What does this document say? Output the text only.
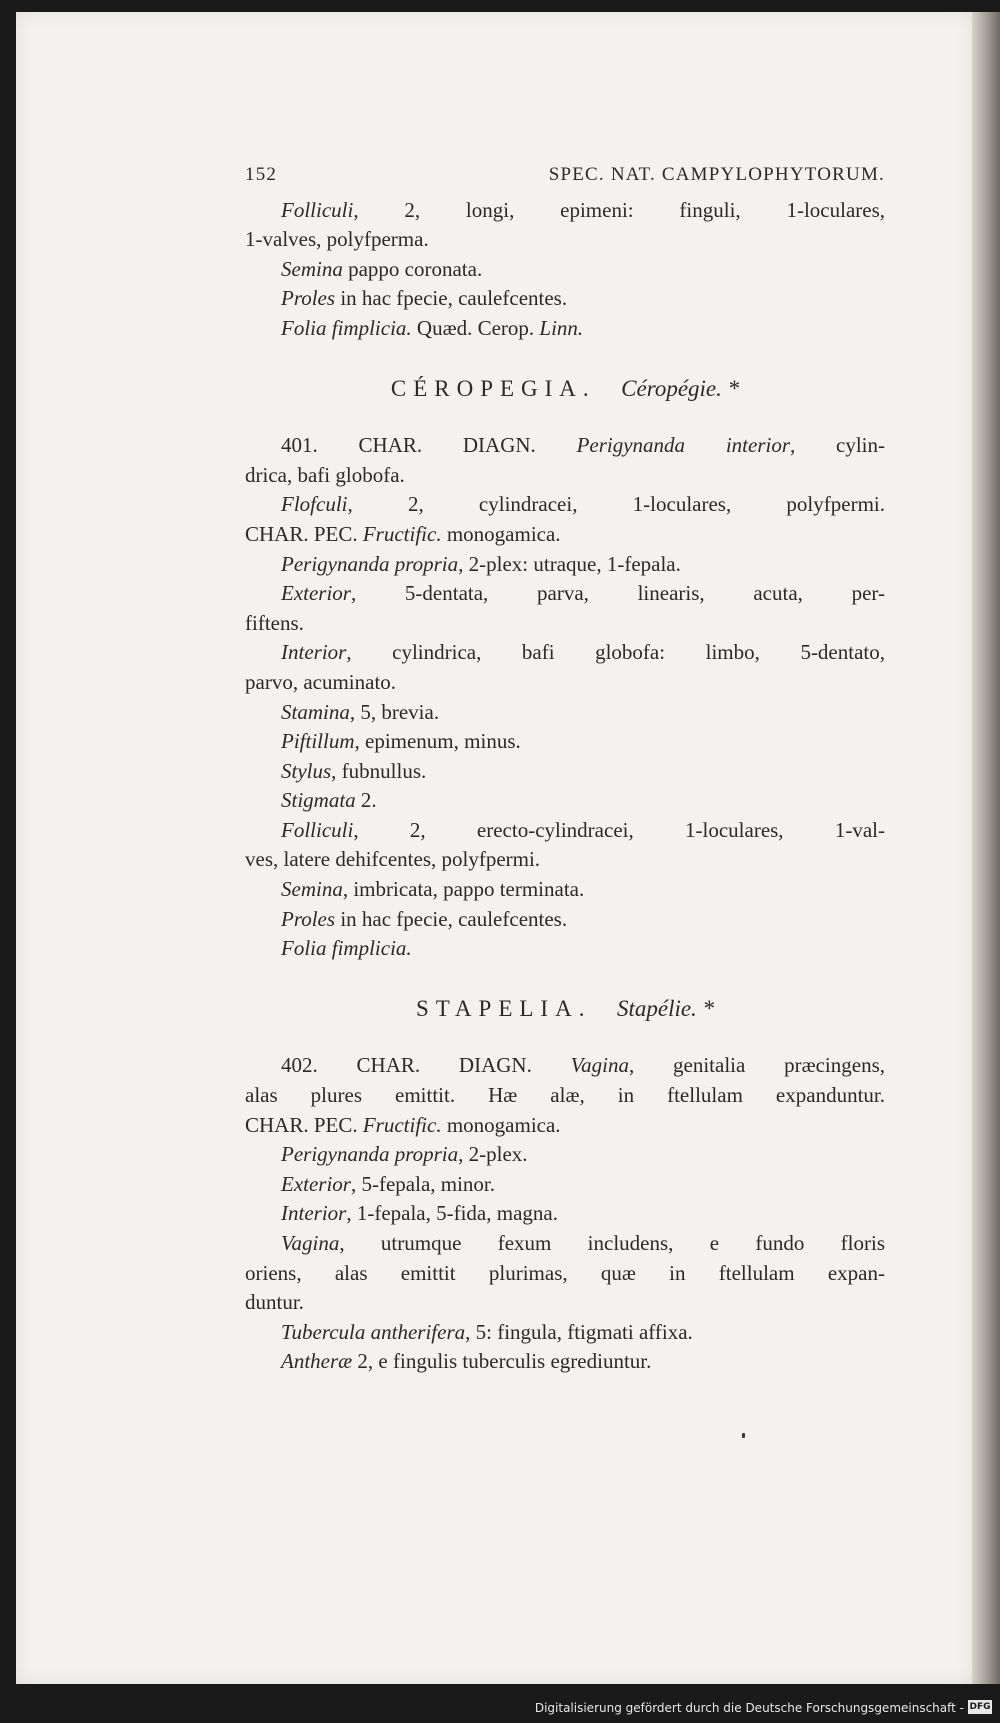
152	SPEC. NAT. CAMPYLOPHYTORUM.
Folliculi, 2, longi, epimeni: finguli, 1-loculares,
1-valves, polyfperma.
Semina pappo coronata.
Proles in hac fpecie, caulefcentes.
Folia fimplicia. Quæd. Cerop. Linn.
CÉROPEGIA. Céropégie. *
401. CHAR. DIAGN. Perigynanda interior, cylin-
drica, bafi globofa.
Flofculi, 2, cylindracei, 1-loculares, polyfpermi.
CHAR. PEC. Fructific. monogamica.
Perigynanda propria, 2-plex: utraque, 1-fepala.
Exterior, 5-dentata, parva, linearis, acuta, per-
fiftens.
Interior, cylindrica, bafi globofa: limbo, 5-dentato,
parvo, acuminato.
Stamina, 5, brevia.
Piftillum, epimenum, minus.
Stylus, fubnullus.
Stigmata 2.
Folliculi, 2, erecto-cylindracei, 1-loculares, 1-val-
ves, latere dehifcentes, polyfpermi.
Semina, imbricata, pappo terminata.
Proles in hac fpecie, caulefcentes.
Folia fimplicia.
STAPELIA. Stapélie. *
402. CHAR. DIAGN. Vagina, genitalia præcingens,
alas plures emittit. Hæ alæ, in ftellulam expanduntur.
CHAR. PEC. Fructific. monogamica.
Perigynanda propria, 2-plex.
Exterior, 5-fepala, minor.
Interior, 1-fepala, 5-fida, magna.
Vagina, utrumque fexum includens, e fundo floris
oriens, alas emittit plurimas, quæ in ftellulam expan-
duntur.
Tubercula antherifera, 5: fingula, ftigmati affixa.
Antheræ 2, e fingulis tuberculis egrediuntur.
Digitalisierung gefördert durch die Deutsche Forschungsgemeinschaft - DFG
